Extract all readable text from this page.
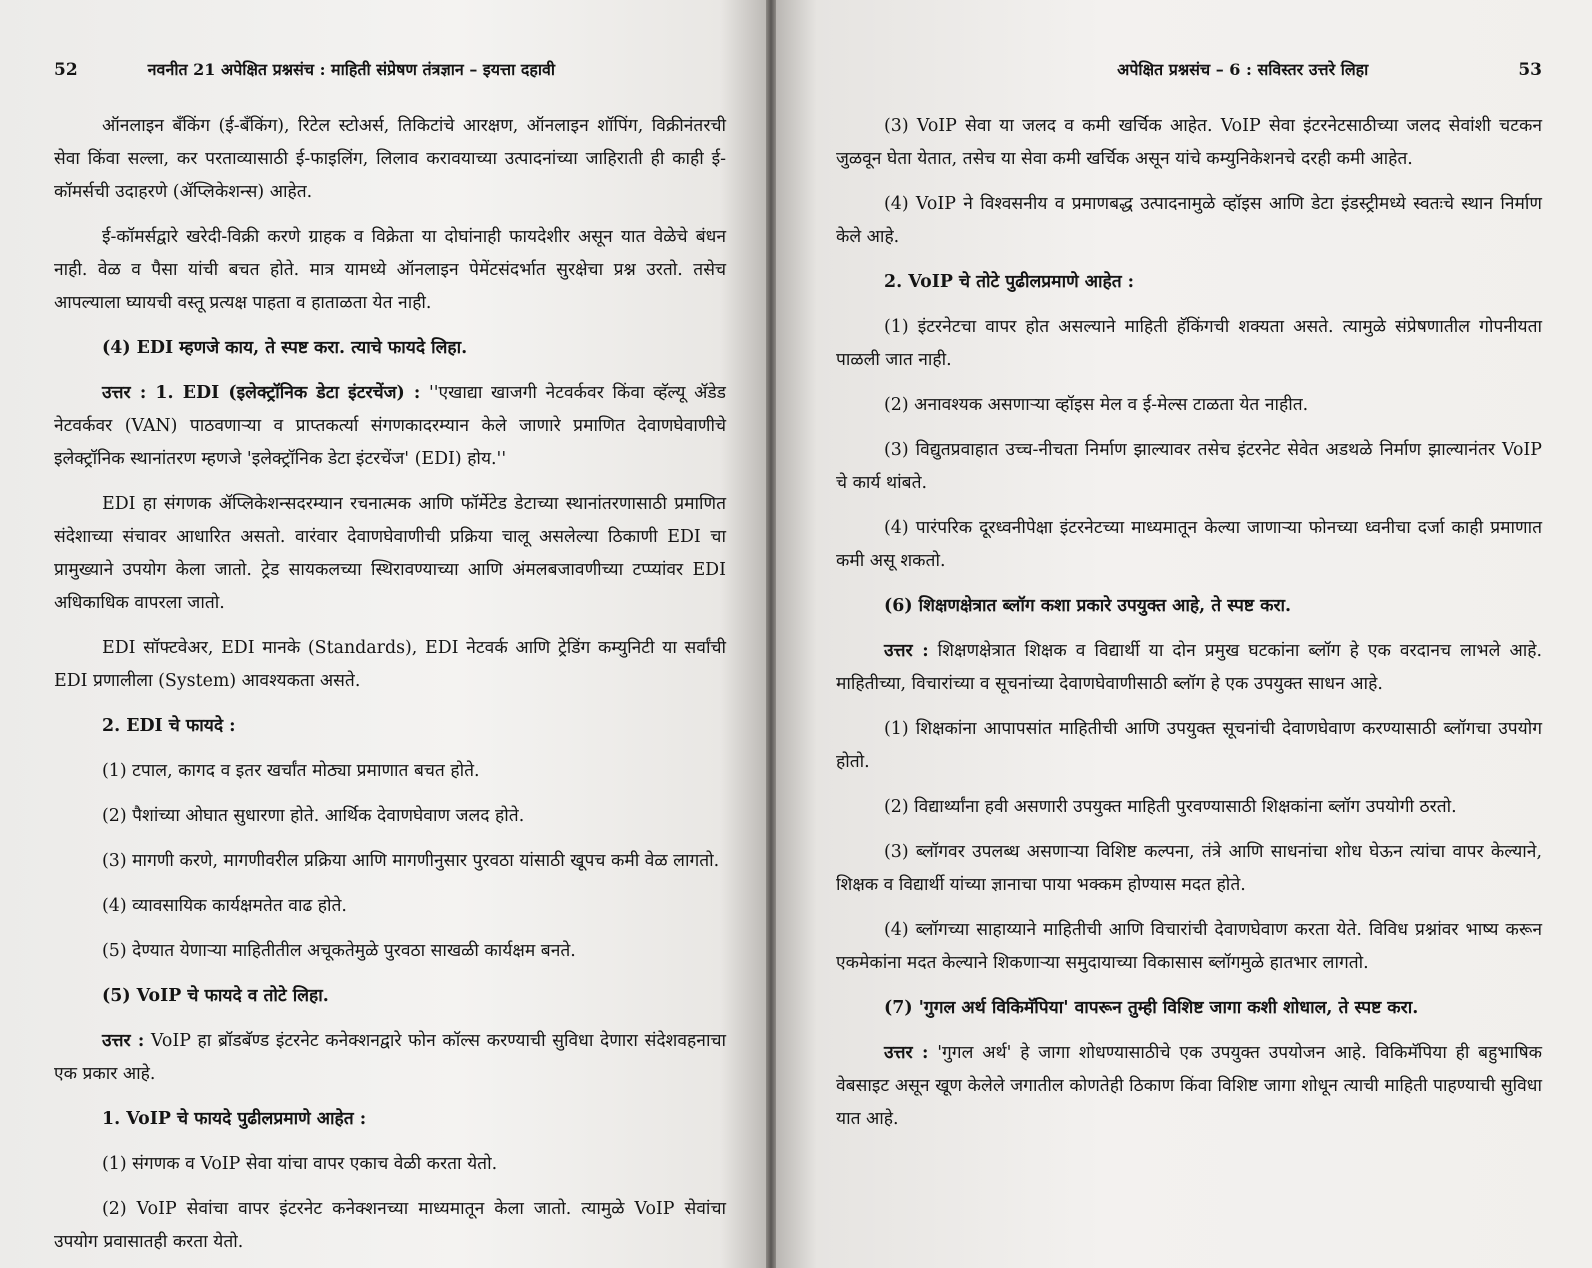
52	नवनीत 21 अपेक्षित प्रश्नसंच : माहिती संप्रेषण तंत्रज्ञान – इयत्ता दहावी

ऑनलाइन बँकिंग (ई-बँकिंग), रिटेल स्टोअर्स, तिकिटांचे आरक्षण, ऑनलाइन शॉपिंग, विक्रीनंतरची सेवा किंवा सल्ला, कर परताव्यासाठी ई-फाइलिंग, लिलाव करावयाच्या उत्पादनांच्या जाहिराती ही काही ई-कॉमर्सची उदाहरणे (ॲप्लिकेशन्स) आहेत.

ई-कॉमर्सद्वारे खरेदी-विक्री करणे ग्राहक व विक्रेता या दोघांनाही फायदेशीर असून यात वेळेचे बंधन नाही. वेळ व पैसा यांची बचत होते. मात्र यामध्ये ऑनलाइन पेमेंटसंदर्भात सुरक्षेचा प्रश्न उरतो. तसेच आपल्याला घ्यायची वस्तू प्रत्यक्ष पाहता व हाताळता येत नाही.

(4) EDI म्हणजे काय, ते स्पष्ट करा. त्याचे फायदे लिहा.

उत्तर : 1. EDI (इलेक्ट्रॉनिक डेटा इंटरचेंज) : ''एखाद्या खाजगी नेटवर्कवर किंवा व्हॅल्यू ॲडेड नेटवर्कवर (VAN) पाठवणाऱ्या व प्राप्तकर्त्या संगणकादरम्यान केले जाणारे प्रमाणित देवाणघेवाणीचे इलेक्ट्रॉनिक स्थानांतरण म्हणजे 'इलेक्ट्रॉनिक डेटा इंटरचेंज' (EDI) होय.''

EDI हा संगणक ॲप्लिकेशन्सदरम्यान रचनात्मक आणि फॉर्मेटेड डेटाच्या स्थानांतरणासाठी प्रमाणित संदेशाच्या संचावर आधारित असतो. वारंवार देवाणघेवाणीची प्रक्रिया चालू असलेल्या ठिकाणी EDI चा प्रामुख्याने उपयोग केला जातो. ट्रेड सायकलच्या स्थिरावण्याच्या आणि अंमलबजावणीच्या टप्प्यांवर EDI अधिकाधिक वापरला जातो.

EDI सॉफ्टवेअर, EDI मानके (Standards), EDI नेटवर्क आणि ट्रेडिंग कम्युनिटी या सर्वांची EDI प्रणालीला (System) आवश्यकता असते.

2. EDI चे फायदे :

(1) टपाल, कागद व इतर खर्चांत मोठ्या प्रमाणात बचत होते.

(2) पैशांच्या ओघात सुधारणा होते. आर्थिक देवाणघेवाण जलद होते.

(3) मागणी करणे, मागणीवरील प्रक्रिया आणि मागणीनुसार पुरवठा यांसाठी खूपच कमी वेळ लागतो.

(4) व्यावसायिक कार्यक्षमतेत वाढ होते.

(5) देण्यात येणाऱ्या माहितीतील अचूकतेमुळे पुरवठा साखळी कार्यक्षम बनते.

(5) VoIP चे फायदे व तोटे लिहा.

उत्तर : VoIP हा ब्रॉडबॅण्ड इंटरनेट कनेक्शनद्वारे फोन कॉल्स करण्याची सुविधा देणारा संदेशवहनाचा एक प्रकार आहे.

1. VoIP चे फायदे पुढीलप्रमाणे आहेत :

(1) संगणक व VoIP सेवा यांचा वापर एकाच वेळी करता येतो.

(2) VoIP सेवांचा वापर इंटरनेट कनेक्शनच्या माध्यमातून केला जातो. त्यामुळे VoIP सेवांचा उपयोग प्रवासातही करता येतो.

अपेक्षित प्रश्नसंच – 6 : सविस्तर उत्तरे लिहा	53

(3) VoIP सेवा या जलद व कमी खर्चिक आहेत. VoIP सेवा इंटरनेटसाठीच्या जलद सेवांशी चटकन जुळवून घेता येतात, तसेच या सेवा कमी खर्चिक असून यांचे कम्युनिकेशनचे दरही कमी आहेत.

(4) VoIP ने विश्वसनीय व प्रमाणबद्ध उत्पादनामुळे व्हॉइस आणि डेटा इंडस्ट्रीमध्ये स्वतःचे स्थान निर्माण केले आहे.

2. VoIP चे तोटे पुढीलप्रमाणे आहेत :

(1) इंटरनेटचा वापर होत असल्याने माहिती हॅकिंगची शक्यता असते. त्यामुळे संप्रेषणातील गोपनीयता पाळली जात नाही.

(2) अनावश्यक असणाऱ्या व्हॉइस मेल व ई-मेल्स टाळता येत नाहीत.

(3) विद्युतप्रवाहात उच्च-नीचता निर्माण झाल्यावर तसेच इंटरनेट सेवेत अडथळे निर्माण झाल्यानंतर VoIP चे कार्य थांबते.

(4) पारंपरिक दूरध्वनीपेक्षा इंटरनेटच्या माध्यमातून केल्या जाणाऱ्या फोनच्या ध्वनीचा दर्जा काही प्रमाणात कमी असू शकतो.

(6) शिक्षणक्षेत्रात ब्लॉग कशा प्रकारे उपयुक्त आहे, ते स्पष्ट करा.

उत्तर : शिक्षणक्षेत्रात शिक्षक व विद्यार्थी या दोन प्रमुख घटकांना ब्लॉग हे एक वरदानच लाभले आहे. माहितीच्या, विचारांच्या व सूचनांच्या देवाणघेवाणीसाठी ब्लॉग हे एक उपयुक्त साधन आहे.

(1) शिक्षकांना आपापसांत माहितीची आणि उपयुक्त सूचनांची देवाणघेवाण करण्यासाठी ब्लॉगचा उपयोग होतो.

(2) विद्यार्थ्यांना हवी असणारी उपयुक्त माहिती पुरवण्यासाठी शिक्षकांना ब्लॉग उपयोगी ठरतो.

(3) ब्लॉगवर उपलब्ध असणाऱ्या विशिष्ट कल्पना, तंत्रे आणि साधनांचा शोध घेऊन त्यांचा वापर केल्याने, शिक्षक व विद्यार्थी यांच्या ज्ञानाचा पाया भक्कम होण्यास मदत होते.

(4) ब्लॉगच्या साहाय्याने माहितीची आणि विचारांची देवाणघेवाण करता येते. विविध प्रश्नांवर भाष्य करून एकमेकांना मदत केल्याने शिकणाऱ्या समुदायाच्या विकासास ब्लॉगमुळे हातभार लागतो.

(7) 'गुगल अर्थ विकिमॅपिया' वापरून तुम्ही विशिष्ट जागा कशी शोधाल, ते स्पष्ट करा.

उत्तर : 'गुगल अर्थ' हे जागा शोधण्यासाठीचे एक उपयुक्त उपयोजन आहे. विकिमॅपिया ही बहुभाषिक वेबसाइट असून खूण केलेले जगातील कोणतेही ठिकाण किंवा विशिष्ट जागा शोधून त्याची माहिती पाहण्याची सुविधा यात आहे.
